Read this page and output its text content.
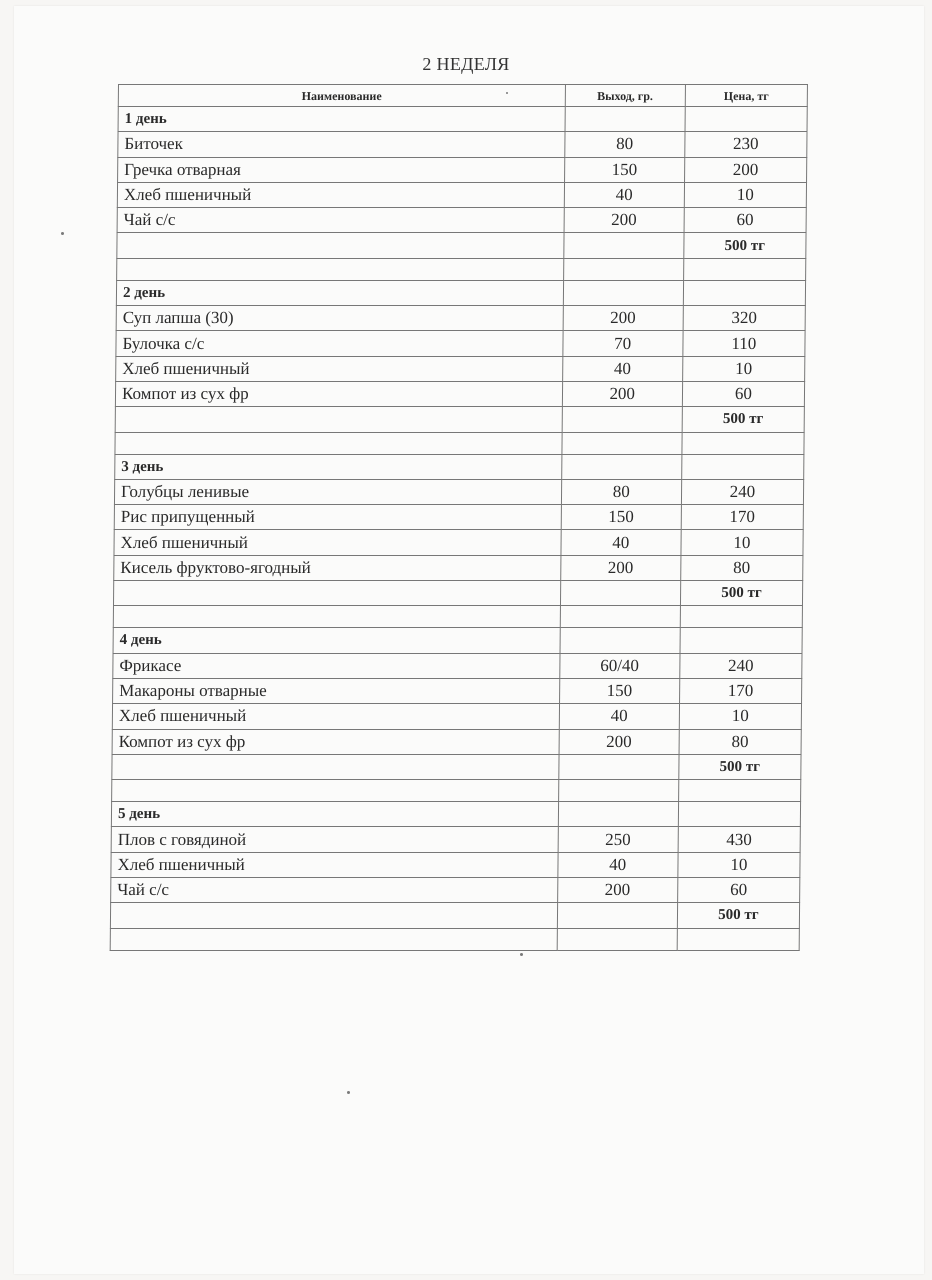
2 НЕДЕЛЯ
Наименование	Выход, гр.	Цена, тг
1 день		
Биточек	80	230
Гречка отварная	150	200
Хлеб пшеничный	40	10
Чай с/с	200	60
		500 тг

2 день		
Суп лапша (30)	200	320
Булочка с/с	70	110
Хлеб пшеничный	40	10
Компот из сух фр	200	60
		500 тг

3 день		
Голубцы ленивые	80	240
Рис припущенный	150	170
Хлеб пшеничный	40	10
Кисель фруктово-ягодный	200	80
		500 тг

4 день		
Фрикасе	60/40	240
Макароны отварные	150	170
Хлеб пшеничный	40	10
Компот из сух фр	200	80
		500 тг

5 день		
Плов с говядиной	250	430
Хлеб пшеничный	40	10
Чай с/с	200	60
		500 тг
